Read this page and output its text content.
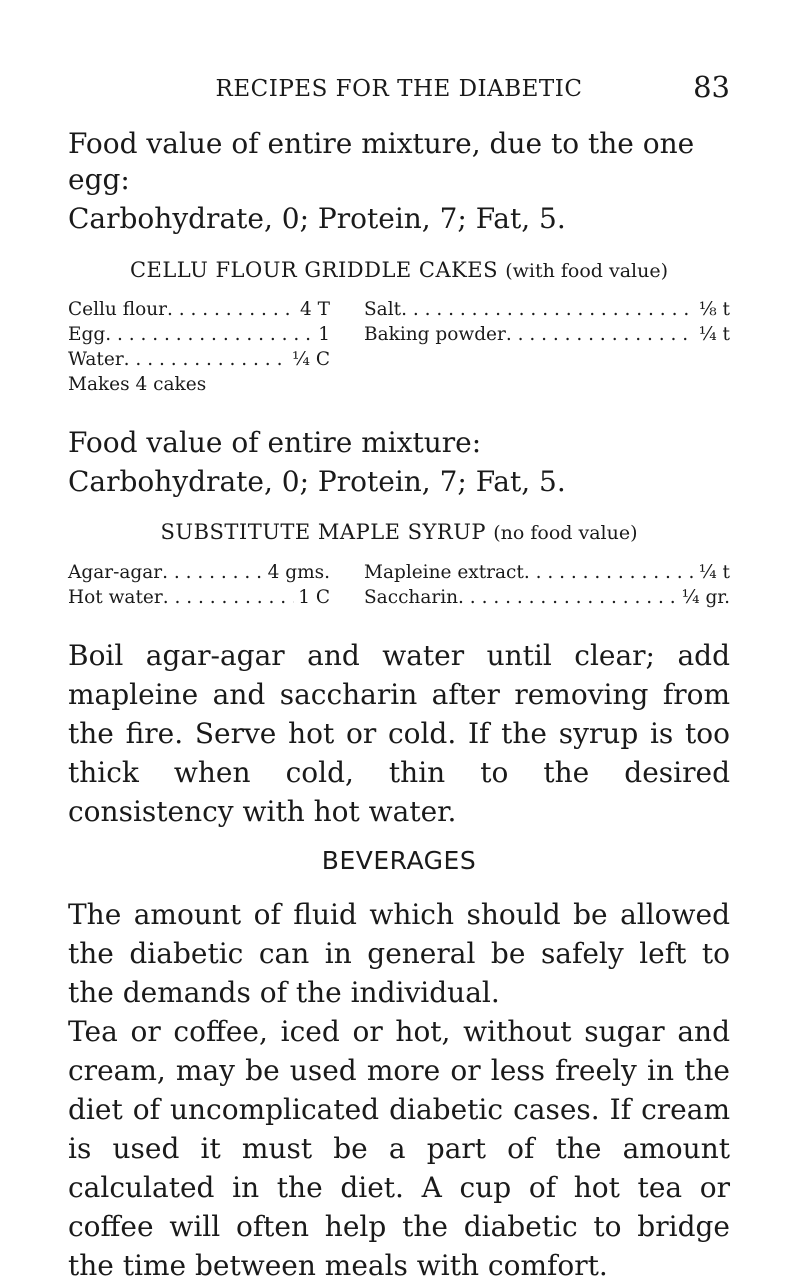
RECIPES FOR THE DIABETIC	83
Food value of entire mixture, due to the one
egg:
Carbohydrate, 0; Protein, 7; Fat, 5.
CELLU FLOUR GRIDDLE CAKES (with food value)
Cellu flour . . .	4 T Salt . . .	⅛ t
Egg . . .	1 Baking powder . . .	¼ t
Water . . .	¼ C
Makes 4 cakes
Food value of entire mixture:
Carbohydrate, 0; Protein, 7; Fat, 5.
SUBSTITUTE MAPLE SYRUP (no food value)
Agar-agar . . .	4 gms. Mapleine extract . . .	¼ t
Hot water . . .	1 C Saccharin . . .	¼ gr.
Boil agar-agar and water until clear; add mapleine and saccharin after removing from the fire. Serve hot or cold. If the syrup is too thick when cold, thin to the desired consistency with hot water.
BEVERAGES
The amount of fluid which should be allowed the diabetic can in general be safely left to the demands of the individual.
Tea or coffee, iced or hot, without sugar and cream, may be used more or less freely in the diet of uncomplicated diabetic cases. If cream is used it must be a part of the amount calculated in the diet. A cup of hot tea or coffee will often help the diabetic to bridge the time between meals with comfort.
